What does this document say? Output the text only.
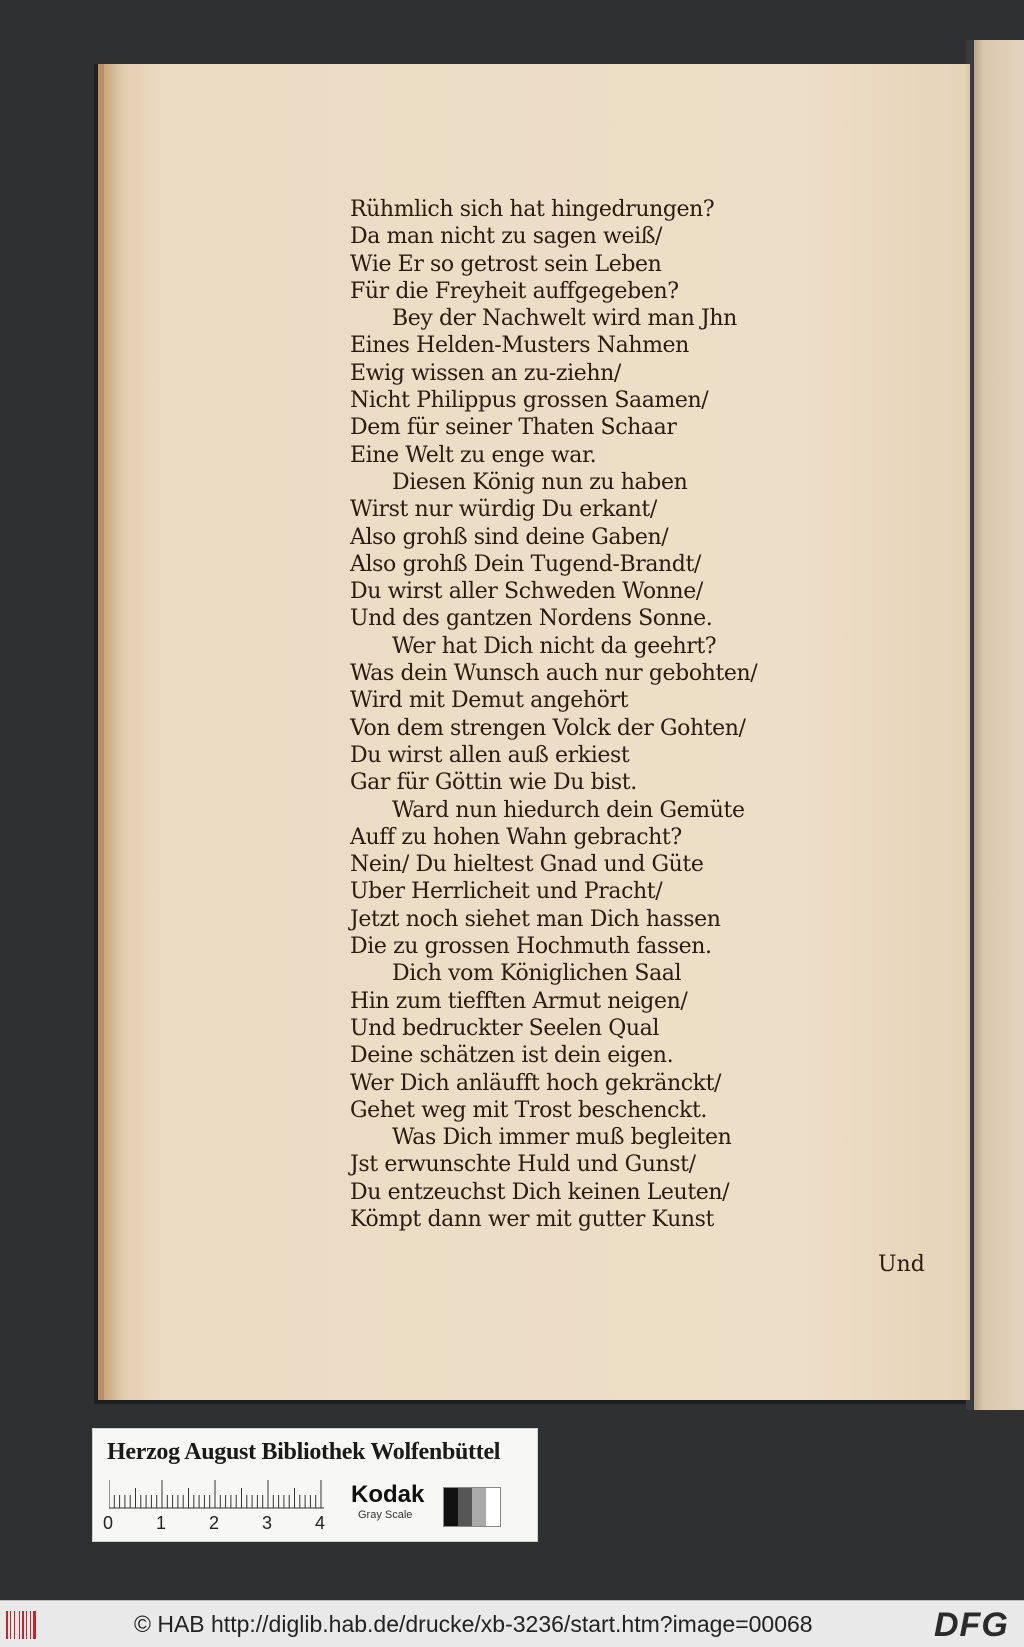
Rühmlich sich hat hingedrungen?
Da man nicht zu sagen weiß/
Wie Er so getrost sein Leben
Für die Freyheit auffgegeben?
Bey der Nachwelt wird man Jhn
Eines Helden-Musters Nahmen
Ewig wissen an zu-ziehn/
Nicht Philippus grossen Saamen/
Dem für seiner Thaten Schaar
Eine Welt zu enge war.
Diesen König nun zu haben
Wirst nur würdig Du erkant/
Also grohß sind deine Gaben/
Also grohß Dein Tugend-Brandt/
Du wirst aller Schweden Wonne/
Und des gantzen Nordens Sonne.
Wer hat Dich nicht da geehrt?
Was dein Wunsch auch nur gebohten/
Wird mit Demut angehört
Von dem strengen Volck der Gohten/
Du wirst allen auß erkiest
Gar für Göttin wie Du bist.
Ward nun hiedurch dein Gemüte
Auff zu hohen Wahn gebracht?
Nein/ Du hieltest Gnad und Güte
Uber Herrlicheit und Pracht/
Jetzt noch siehet man Dich hassen
Die zu grossen Hochmuth fassen.
Dich vom Königlichen Saal
Hin zum tiefften Armut neigen/
Und bedruckter Seelen Qual
Deine schätzen ist dein eigen.
Wer Dich anläufft hoch gekränckt/
Gehet weg mit Trost beschenckt.
Was Dich immer muß begleiten
Jst erwunschte Huld und Gunst/
Du entzeuchst Dich keinen Leuten/
Kömpt dann wer mit gutter Kunst
Und
Herzog August Bibliothek Wolfenbüttel
0 1 2 3 4
Kodak
Gray Scale
© HAB http://diglib.hab.de/drucke/xb-3236/start.htm?image=00068	DFG
